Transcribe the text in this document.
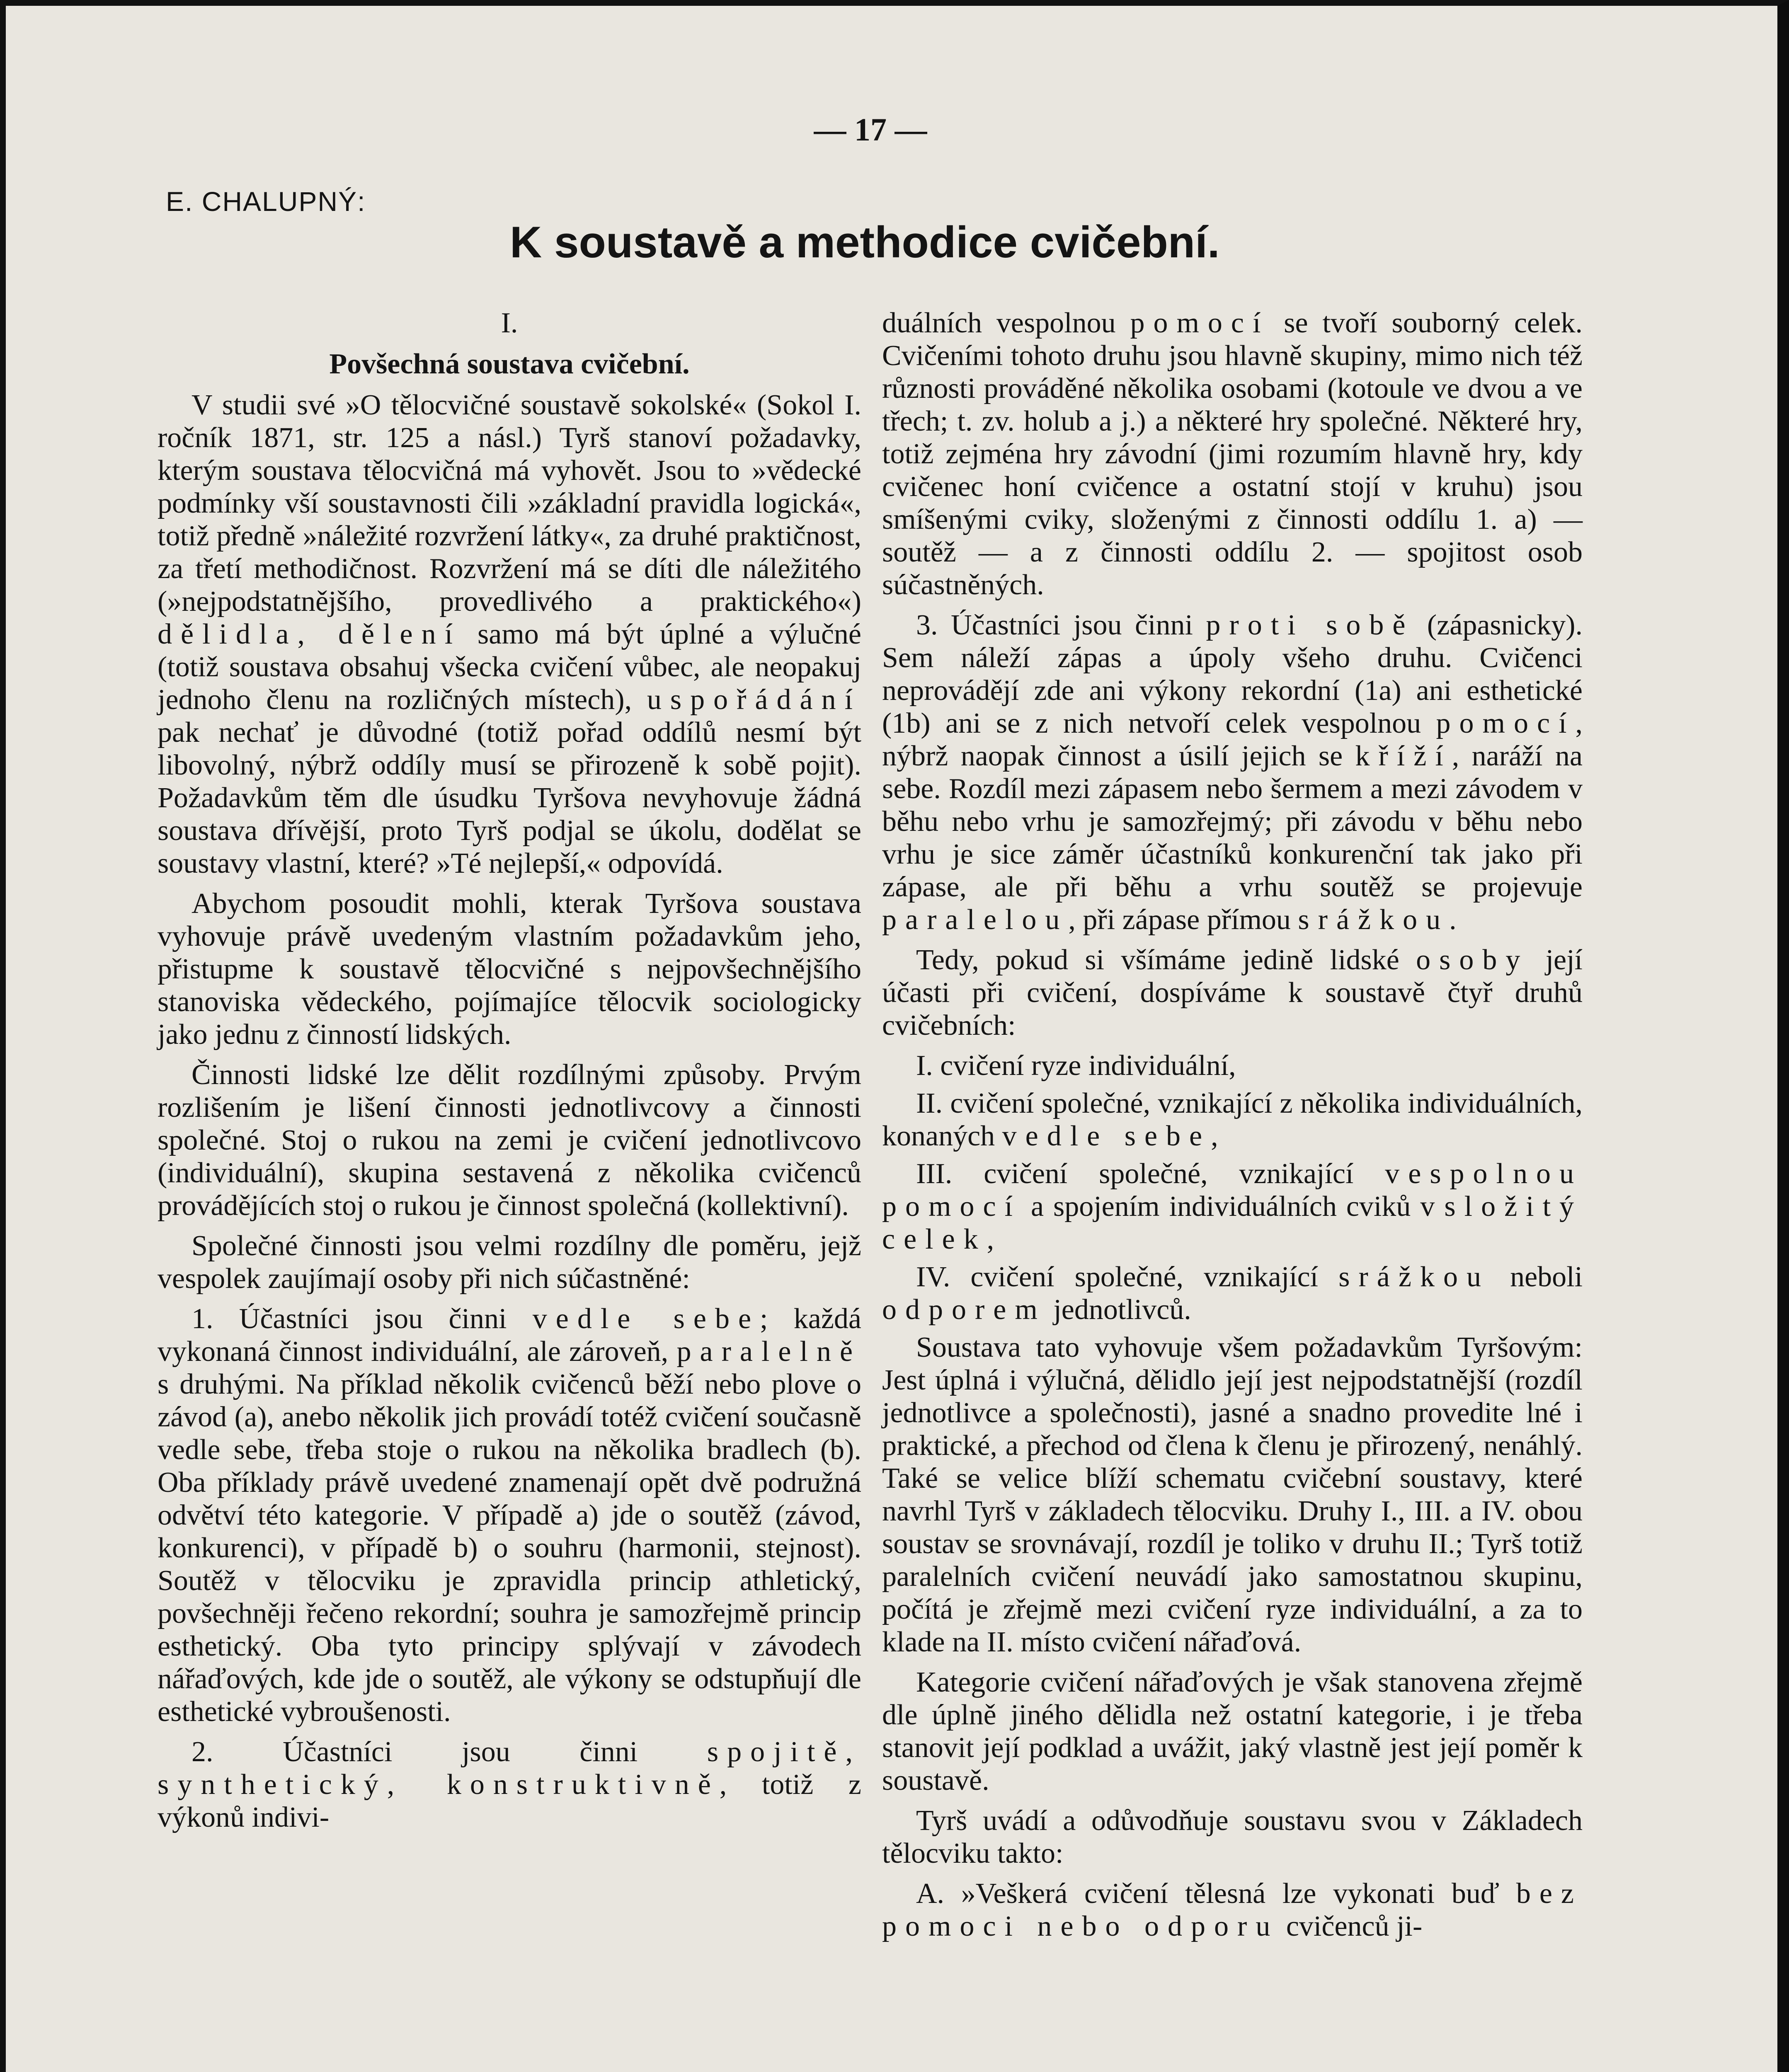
— 17 —
E. CHALUPNÝ:
K soustavě a methodice cvičební.
I.
Povšechná soustava cvičební.

V studii své »O tělocvičné soustavě sokolské« (Sokol I. ročník 1871, str. 125 a násl.) Tyrš stanoví požadavky, kterým soustava tělocvičná má vyhovět. Jsou to »vědecké podmínky vší soustavnosti čili »základní pravidla logická«, totiž předně »náležité rozvržení látky«, za druhé praktičnost, za třetí methodičnost. Rozvržení má se díti dle náležitého (»nejpodstatnějšího, provedlivého a praktického«) dělidla, dělení samo má být úplné a výlučné (totiž soustava obsahuj všecka cvičení vůbec, ale neopakuj jednoho členu na rozličných místech), uspořádání pak nechať je důvodné (totiž pořad oddílů nesmí být libovolný, nýbrž oddíly musí se přirozeně k sobě pojit). Požadavkům těm dle úsudku Tyršova nevyhovuje žádná soustava dřívější, proto Tyrš podjal se úkolu, dodělat se soustavy vlastní, které? »Té nejlepší,« odpovídá.

Abychom posoudit mohli, kterak Tyršova soustava vyhovuje právě uvedeným vlastním požadavkům jeho, přistupme k soustavě tělocvičné s nejpovšechnějšího stanoviska vědeckého, pojímajíce tělocvik sociologicky jako jednu z činností lidských.

Činnosti lidské lze dělit rozdílnými způsoby. Prvým rozlišením je lišení činnosti jednotlivcovy a činnosti společné. Stoj o rukou na zemi je cvičení jednotlivcovo (individuální), skupina sestavená z několika cvičenců provádějících stoj o rukou je činnost společná (kollektivní).

Společné činnosti jsou velmi rozdílny dle poměru, jejž vespolek zaujímají osoby při nich súčastněné:

1. Účastníci jsou činni vedle sebe; každá vykonaná činnost individuální, ale zároveň, paralelně s druhými. Na příklad několik cvičenců běží nebo plove o závod (a), anebo několik jich provádí totéž cvičení současně vedle sebe, třeba stoje o rukou na několika bradlech (b). Oba příklady právě uvedené znamenají opět dvě podružná odvětví této kategorie. V případě a) jde o soutěž (závod, konkurenci), v případě b) o souhru (harmonii, stejnost). Soutěž v tělocviku je zpravidla princip athletický, povšechněji řečeno rekordní; souhra je samozřejmě princip esthetický. Oba tyto principy splývají v závodech nářaďových, kde jde o soutěž, ale výkony se odstupňují dle esthetické vybroušenosti.

2. Účastníci jsou činni spojitě, synthetický, konstruktivně, totiž z výkonů indivi-

duálních vespolnou pomocí se tvoří souborný celek. Cvičeními tohoto druhu jsou hlavně skupiny, mimo nich též různosti prováděné několika osobami (kotoule ve dvou a ve třech; t. zv. holub a j.) a některé hry společné. Některé hry, totiž zejména hry závodní (jimi rozumím hlavně hry, kdy cvičenec honí cvičence a ostatní stojí v kruhu) jsou smíšenými cviky, složenými z činnosti oddílu 1. a) — soutěž — a z činnosti oddílu 2. — spojitost osob súčastněných.

3. Účastníci jsou činni proti sobě (zápasnicky). Sem náleží zápas a úpoly všeho druhu. Cvičenci neprovádějí zde ani výkony rekordní (1a) ani esthetické (1b) ani se z nich netvoří celek vespolnou pomocí, nýbrž naopak činnost a úsilí jejich se kříží, naráží na sebe. Rozdíl mezi zápasem nebo šermem a mezi závodem v běhu nebo vrhu je samozřejmý; při závodu v běhu nebo vrhu je sice záměr účastníků konkurenční tak jako při zápase, ale při běhu a vrhu soutěž se projevuje paralelou, při zápase přímou srážkou.

Tedy, pokud si všímáme jedině lidské osoby její účasti při cvičení, dospíváme k soustavě čtyř druhů cvičebních:

I. cvičení ryze individuální,
II. cvičení společné, vznikající z několika individuálních, konaných vedle sebe,
III. cvičení společné, vznikající vespolnou pomocí a spojením individuálních cviků v složitý celek,
IV. cvičení společné, vznikající srážkou neboli odporem jednotlivců.

Soustava tato vyhovuje všem požadavkům Tyršovým: Jest úplná i výlučná, dělidlo její jest nejpodstatnější (rozdíl jednotlivce a společnosti), jasné a snadno provedite lné i praktické, a přechod od člena k členu je přirozený, nenáhlý. Také se velice blíží schematu cvičební soustavy, které navrhl Tyrš v základech tělocviku. Druhy I., III. a IV. obou soustav se srovnávají, rozdíl je toliko v druhu II.; Tyrš totiž paralelních cvičení neuvádí jako samostatnou skupinu, počítá je zřejmě mezi cvičení ryze individuální, a za to klade na II. místo cvičení nářaďová.

Kategorie cvičení nářaďových je však stanovena zřejmě dle úplně jiného dělidla než ostatní kategorie, i je třeba stanovit její podklad a uvážit, jaký vlastně jest její poměr k soustavě.

Tyrš uvádí a odůvodňuje soustavu svou v Základech tělocviku takto:

A. »Veškerá cvičení tělesná lze vykonati buď bez pomoci nebo odporu cvičenců ji-
